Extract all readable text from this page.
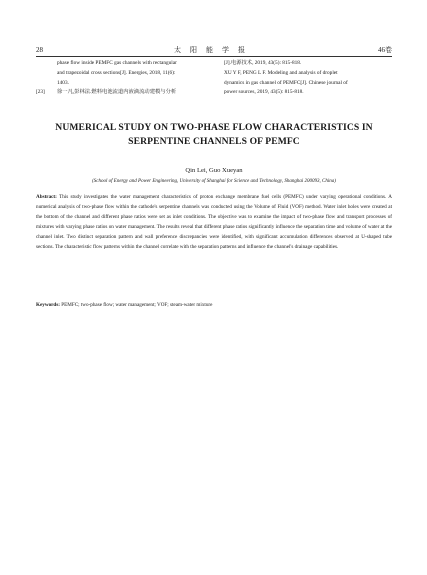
28	太阳能学报	46卷
phase flow inside PEMFC gas channels with rectangular
and trapezoidal cross sections[J]. Energies, 2018, 11(6):
1403.
[23]	徐一凡,彭林法.燃料电池流道内液滴流动建模与分析
[J].电源技术, 2019, 43(5): 815-818.
XU Y F, PENG L F. Modeling and analysis of droplet
dynamics in gas channel of PEMFC[J]. Chinese journal of
power sources, 2019, 43(5): 815-818.
NUMERICAL STUDY ON TWO-PHASE FLOW CHARACTERISTICS IN
SERPENTINE CHANNELS OF PEMFC
Qin Lei, Guo Xueyan
(School of Energy and Power Engineering, University of Shanghai for Science and Technology, Shanghai 200093, China)
Abstract: This study investigates the water management characteristics of proton exchange membrane fuel cells (PEMFC) under varying operational conditions. A numerical analysis of two-phase flow within the cathode's serpentine channels was conducted using the Volume of Fluid (VOF) method. Water inlet holes were created at the bottom of the channel and different phase ratios were set as inlet conditions. The objective was to examine the impact of two-phase flow and transport processes of mixtures with varying phase ratios on water management. The results reveal that different phase ratios significantly influence the separation time and volume of water at the channel inlet. Two distinct separation pattern and wall preference discrepancies were identified, with significant accumulation differences observed at U-shaped tube sections. The characteristic flow patterns within the channel correlate with the separation patterns and influence the channel's drainage capabilities.
Keywords: PEMFC; two-phase flow; water management; VOF; steam-water mixture
